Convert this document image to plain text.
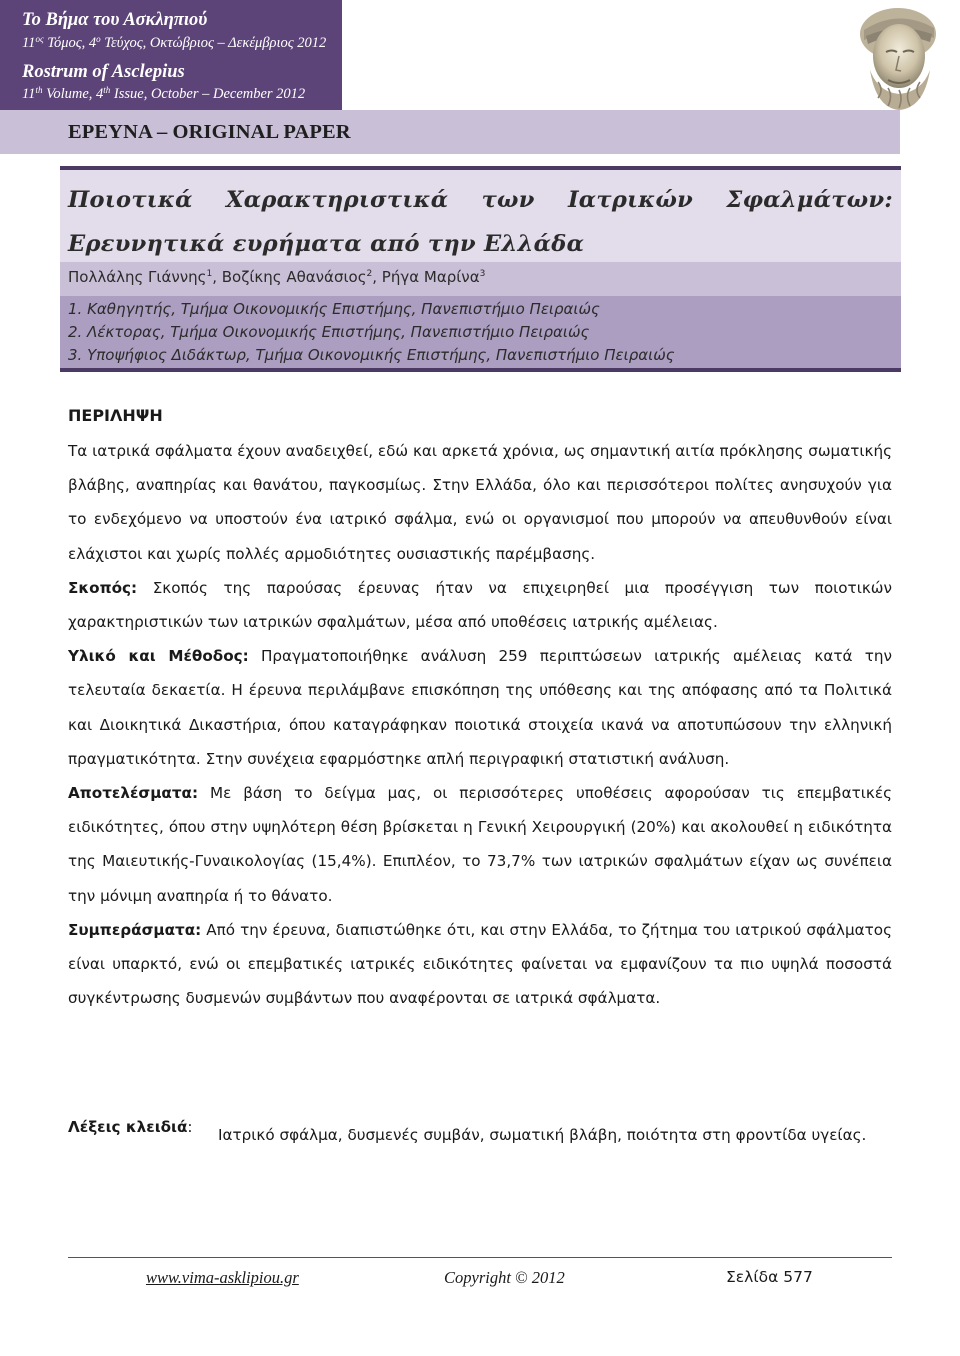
Το Βήμα του Ασκληπιού
$11^{o\varsigma}$ Τόμος, $4^o$ Τεύχος, Οκτώβριος – Δεκέμβριος 2012
Rostrum of Asclepius
11th Volume, 4th Issue, October – December 2012
ΕΡΕΥΝΑ – ORIGINAL PAPER
Ποιοτικά Χαρακτηριστικά των Ιατρικών Σφαλμάτων: Ερευνητικά ευρήματα από την Ελλάδα
Πολλάλης Γιάννης$^1$, Βοζίκης Αθανάσιος$^2$, Ρήγα Μαρίνα$^3$
1. Καθηγητής, Τμήμα Οικονομικής Επιστήμης, Πανεπιστήμιο Πειραιώς
2. Λέκτορας, Τμήμα Οικονομικής Επιστήμης, Πανεπιστήμιο Πειραιώς
3. Υποψήφιος Διδάκτωρ, Τμήμα Οικονομικής Επιστήμης, Πανεπιστήμιο Πειραιώς
ΠΕΡΙΛΗΨΗ

Τα ιατρικά σφάλματα έχουν αναδειχθεί, εδώ και αρκετά χρόνια, ως σημαντική αιτία πρόκλησης σωματικής βλάβης, αναπηρίας και θανάτου, παγκοσμίως. Στην Ελλάδα, όλο και περισσότεροι πολίτες ανησυχούν για το ενδεχόμενο να υποστούν ένα ιατρικό σφάλμα, ενώ οι οργανισμοί που μπορούν να απευθυνθούν είναι ελάχιστοι και χωρίς πολλές αρμοδιότητες ουσιαστικής παρέμβασης.

Σκοπός: Σκοπός της παρούσας έρευνας ήταν να επιχειρηθεί μια προσέγγιση των ποιοτικών χαρακτηριστικών των ιατρικών σφαλμάτων, μέσα από υποθέσεις ιατρικής αμέλειας.

Υλικό και Μέθοδος: Πραγματοποιήθηκε ανάλυση 259 περιπτώσεων ιατρικής αμέλειας κατά την τελευταία δεκαετία. Η έρευνα περιλάμβανε επισκόπηση της υπόθεσης και της απόφασης από τα Πολιτικά και Διοικητικά Δικαστήρια, όπου καταγράφηκαν ποιοτικά στοιχεία ικανά να αποτυπώσουν την ελληνική πραγματικότητα. Στην συνέχεια εφαρμόστηκε απλή περιγραφική στατιστική ανάλυση.

Αποτελέσματα: Με βάση το δείγμα μας, οι περισσότερες υποθέσεις αφορούσαν τις επεμβατικές ειδικότητες, όπου στην υψηλότερη θέση βρίσκεται η Γενική Χειρουργική (20%) και ακολουθεί η ειδικότητα της Μαιευτικής-Γυναικολογίας (15,4%). Επιπλέον, το 73,7% των ιατρικών σφαλμάτων είχαν ως συνέπεια την μόνιμη αναπηρία ή το θάνατο.

Συμπεράσματα: Από την έρευνα, διαπιστώθηκε ότι, και στην Ελλάδα, το ζήτημα του ιατρικού σφάλματος είναι υπαρκτό, ενώ οι επεμβατικές ιατρικές ειδικότητες φαίνεται να εμφανίζουν τα πιο υψηλά ποσοστά συγκέντρωσης δυσμενών συμβάντων που αναφέρονται σε ιατρικά σφάλματα.

Λέξεις κλειδιά: Ιατρικό σφάλμα, δυσμενές συμβάν, σωματική βλάβη, ποιότητα στη φροντίδα υγείας.
www.vima-asklipiou.gr	Copyright © 2012	Σελίδα 577
